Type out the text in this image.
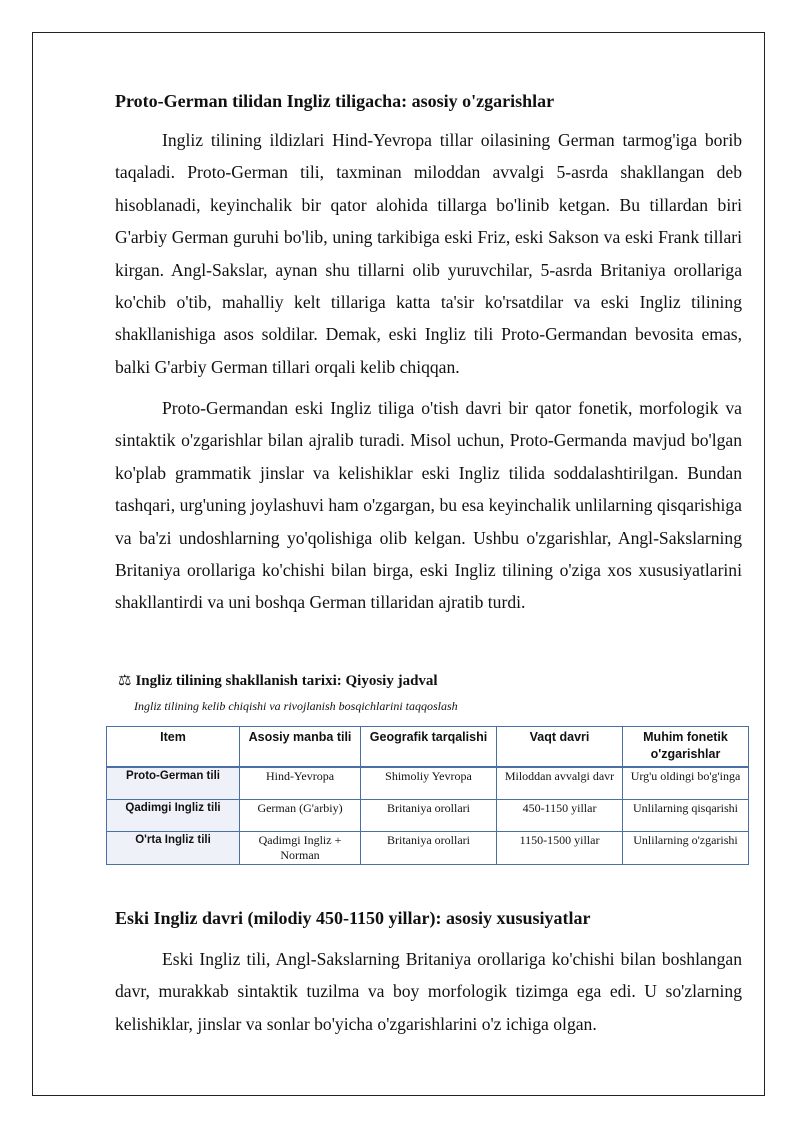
Proto-German tilidan Ingliz tiligacha: asosiy o'zgarishlar

Ingliz tilining ildizlari Hind-Yevropa tillar oilasining German tarmog'iga borib taqaladi. Proto-German tili, taxminan miloddan avvalgi 5-asrda shakllangan deb hisoblanadi, keyinchalik bir qator alohida tillarga bo'linib ketgan. Bu tillardan biri G'arbiy German guruhi bo'lib, uning tarkibiga eski Friz, eski Sakson va eski Frank tillari kirgan. Angl-Sakslar, aynan shu tillarni olib yuruvchilar, 5-asrda Britaniya orollariga ko'chib o'tib, mahalliy kelt tillariga katta ta'sir ko'rsatdilar va eski Ingliz tilining shakllanishiga asos soldilar. Demak, eski Ingliz tili Proto-Germandan bevosita emas, balki G'arbiy German tillari orqali kelib chiqqan.

Proto-Germandan eski Ingliz tiliga o'tish davri bir qator fonetik, morfologik va sintaktik o'zgarishlar bilan ajralib turadi. Misol uchun, Proto-Germanda mavjud bo'lgan ko'plab grammatik jinslar va kelishiklar eski Ingliz tilida soddalashtirilgan. Bundan tashqari, urg'uning joylashuvi ham o'zgargan, bu esa keyinchalik unlilarning qisqarishiga va ba'zi undoshlarning yo'qolishiga olib kelgan. Ushbu o'zgarishlar, Angl-Sakslarning Britaniya orollariga ko'chishi bilan birga, eski Ingliz tilining o'ziga xos xususiyatlarini shakllantirdi va uni boshqa German tillaridan ajratib turdi.

⚖ Ingliz tilining shakllanish tarixi: Qiyosiy jadval

Ingliz tilining kelib chiqishi va rivojlanish bosqichlarini taqqoslash

Item	Asosiy manba tili	Geografik tarqalishi	Vaqt davri	Muhim fonetik o'zgarishlar
Proto-German tili	Hind-Yevropa	Shimoliy Yevropa	Miloddan avvalgi davr	Urg'u oldingi bo'g'inga
Qadimgi Ingliz tili	German (G'arbiy)	Britaniya orollari	450-1150 yillar	Unlilarning qisqarishi
O'rta Ingliz tili	Qadimgi Ingliz + Norman	Britaniya orollari	1150-1500 yillar	Unlilarning o'zgarishi
Eski Ingliz davri (milodiy 450-1150 yillar): asosiy xususiyatlar

Eski Ingliz tili, Angl-Sakslarning Britaniya orollariga ko'chishi bilan boshlangan davr, murakkab sintaktik tuzilma va boy morfologik tizimga ega edi. U so'zlarning kelishiklar, jinslar va sonlar bo'yicha o'zgarishlarini o'z ichiga olgan.
